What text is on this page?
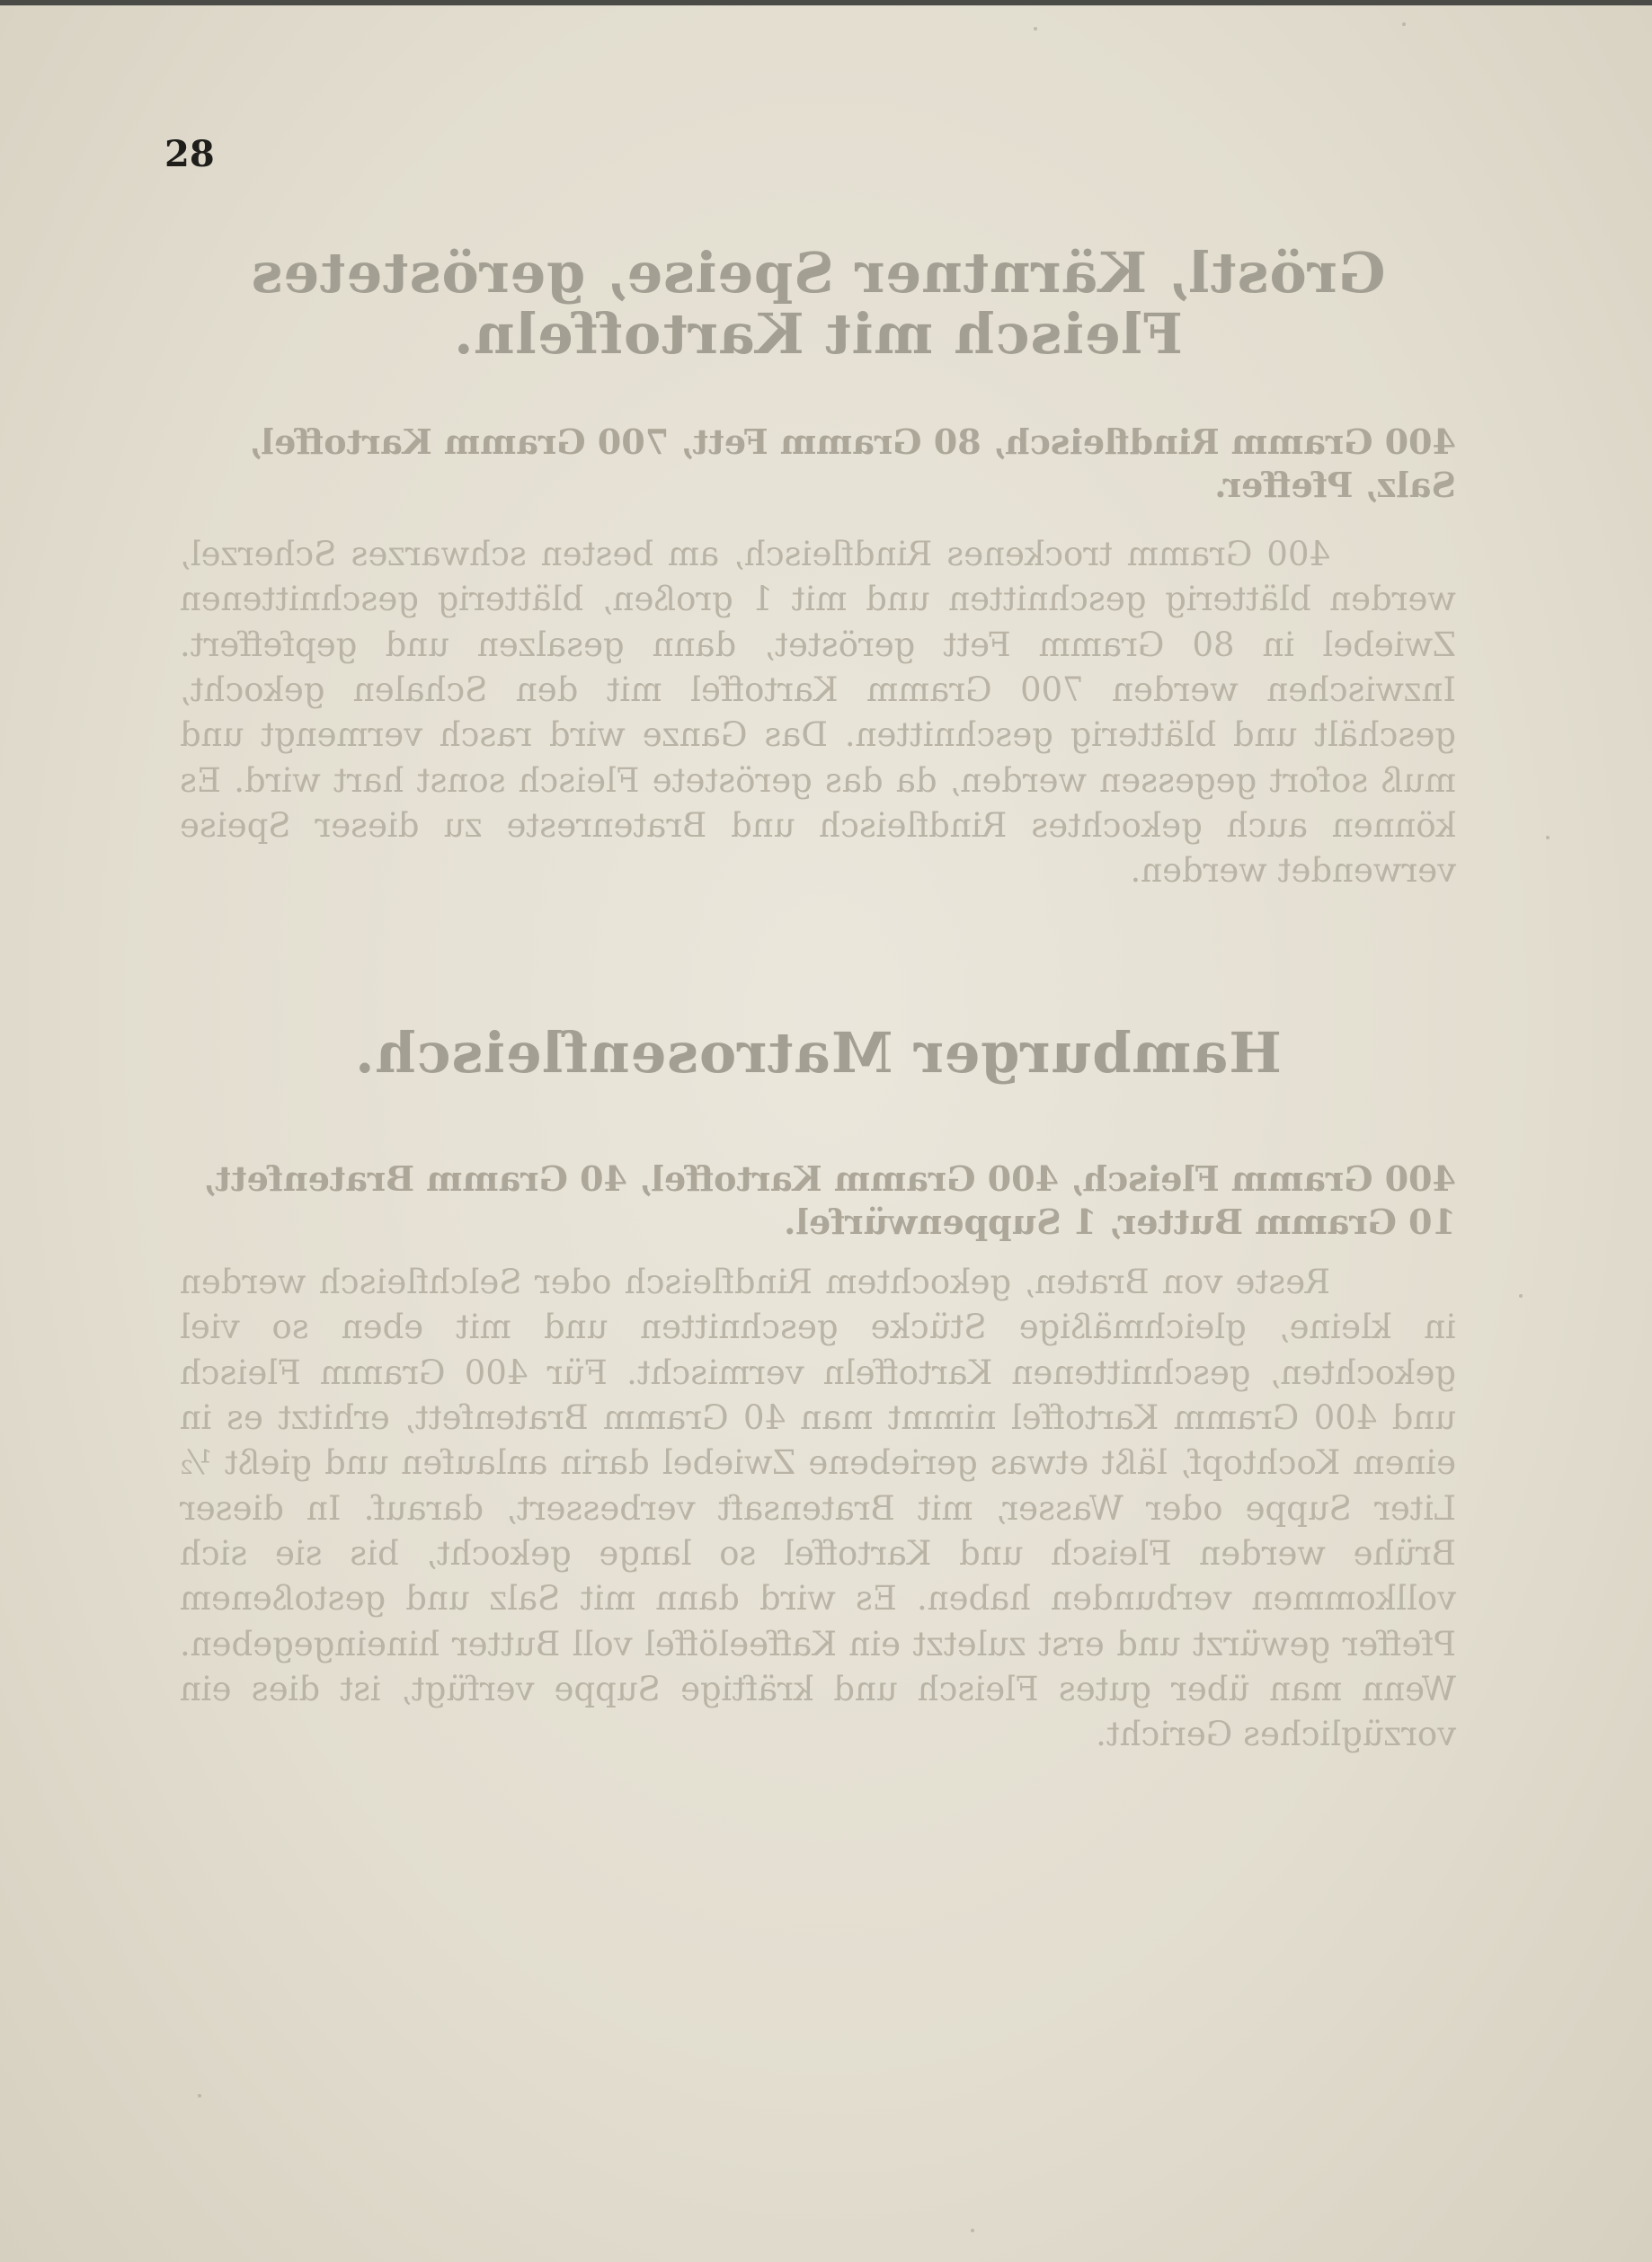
28
Gröstl, Kärntner Speise, geröstetes Fleisch mit Kartoffeln.

400 Gramm Rindfleisch, 80 Gramm Fett, 700 Gramm Kartoffel, Salz, Pfeffer.

400 Gramm trockenes Rindfleisch, am besten schwarzes Scherzel, werden blätterig geschnitten und mit 1 großen, blätterig geschnittenen Zwiebel in 80 Gramm Fett geröstet, dann gesalzen und gepfeffert. Inzwischen werden 700 Gramm Kartoffel mit den Schalen gekocht, geschält und blätterig geschnitten. Das Ganze wird rasch vermengt und muß sofort gegessen werden, da das geröstete Fleisch sonst hart wird. Es können auch gekochtes Rindfleisch und Bratenreste zu dieser Speise verwendet werden.

Hamburger Matrosenfleisch.

400 Gramm Fleisch, 400 Gramm Kartoffel, 40 Gramm Bratenfett, 10 Gramm Butter, 1 Suppenwürfel.

Reste von Braten, gekochtem Rindfleisch oder Selchfleisch werden in kleine, gleichmäßige Stücke geschnitten und mit eben so viel gekochten, geschnittenen Kartoffeln vermischt. Für 400 Gramm Fleisch und 400 Gramm Kartoffel nimmt man 40 Gramm Bratenfett, erhitzt es in einem Kochtopf, läßt etwas geriebene Zwiebel darin anlaufen und gießt ½ Liter Suppe oder Wasser, mit Bratensaft verbessert, darauf. In dieser Brühe werden Fleisch und Kartoffel so lange gekocht, bis sie sich vollkommen verbunden haben. Es wird dann mit Salz und gestoßenem Pfeffer gewürzt und erst zuletzt ein Kaffeelöffel voll Butter hineingegeben. Wenn man über gutes Fleisch und kräftige Suppe verfügt, ist dies ein vorzügliches Gericht.
